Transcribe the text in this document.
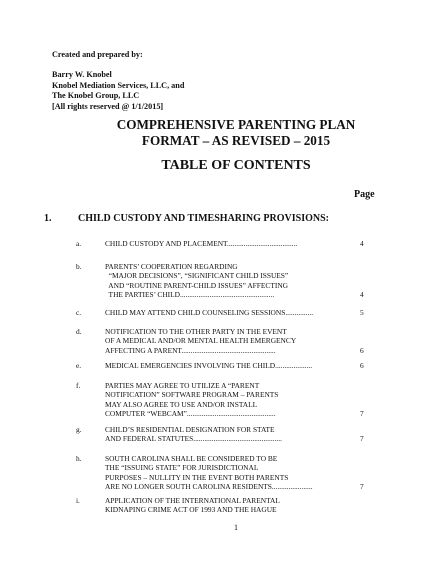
Created and prepared by:
Barry W. Knobel
Knobel Mediation Services, LLC, and
The Knobel Group, LLC
[All rights reserved @ 1/1/2015]
COMPREHENSIVE PARENTING PLAN
FORMAT – AS REVISED – 2015
TABLE OF CONTENTS
Page
1.	CHILD CUSTODY AND TIMESHARING PROVISIONS:
a.	CHILD CUSTODY AND PLACEMENT......................................	4
b.	PARENTS’ COOPERATION REGARDING
“MAJOR DECISIONS”, “SIGNIFICANT CHILD ISSUES”
AND “ROUTINE PARENT-CHILD ISSUES” AFFECTING
THE PARTIES’ CHILD...................................................	4
c.	CHILD MAY ATTEND CHILD COUNSELING SESSIONS...............	5
d.	NOTIFICATION TO THE OTHER PARTY IN THE EVENT
OF A MEDICAL AND/OR MENTAL HEALTH EMERGENCY
AFFECTING A PARENT...................................................	6
e.	MEDICAL EMERGENCIES INVOLVING THE CHILD....................	6
f.	PARTIES MAY AGREE TO UTILIZE A “PARENT
NOTIFICATION” SOFTWARE PROGRAM – PARENTS
MAY ALSO AGREE TO USE AND/OR INSTALL
COMPUTER “WEBCAM”................................................	7
g.	CHILD’S RESIDENTIAL DESIGNATION FOR STATE
AND FEDERAL STATUTES................................................	7
h.	SOUTH CAROLINA SHALL BE CONSIDERED TO BE
THE “ISSUING STATE” FOR JURISDICTIONAL
PURPOSES – NULLITY IN THE EVENT BOTH PARENTS
ARE NO LONGER SOUTH CAROLINA RESIDENTS......................	7
i.	APPLICATION OF THE INTERNATIONAL PARENTAL
KIDNAPING CRIME ACT OF 1993 AND THE HAGUE
1
